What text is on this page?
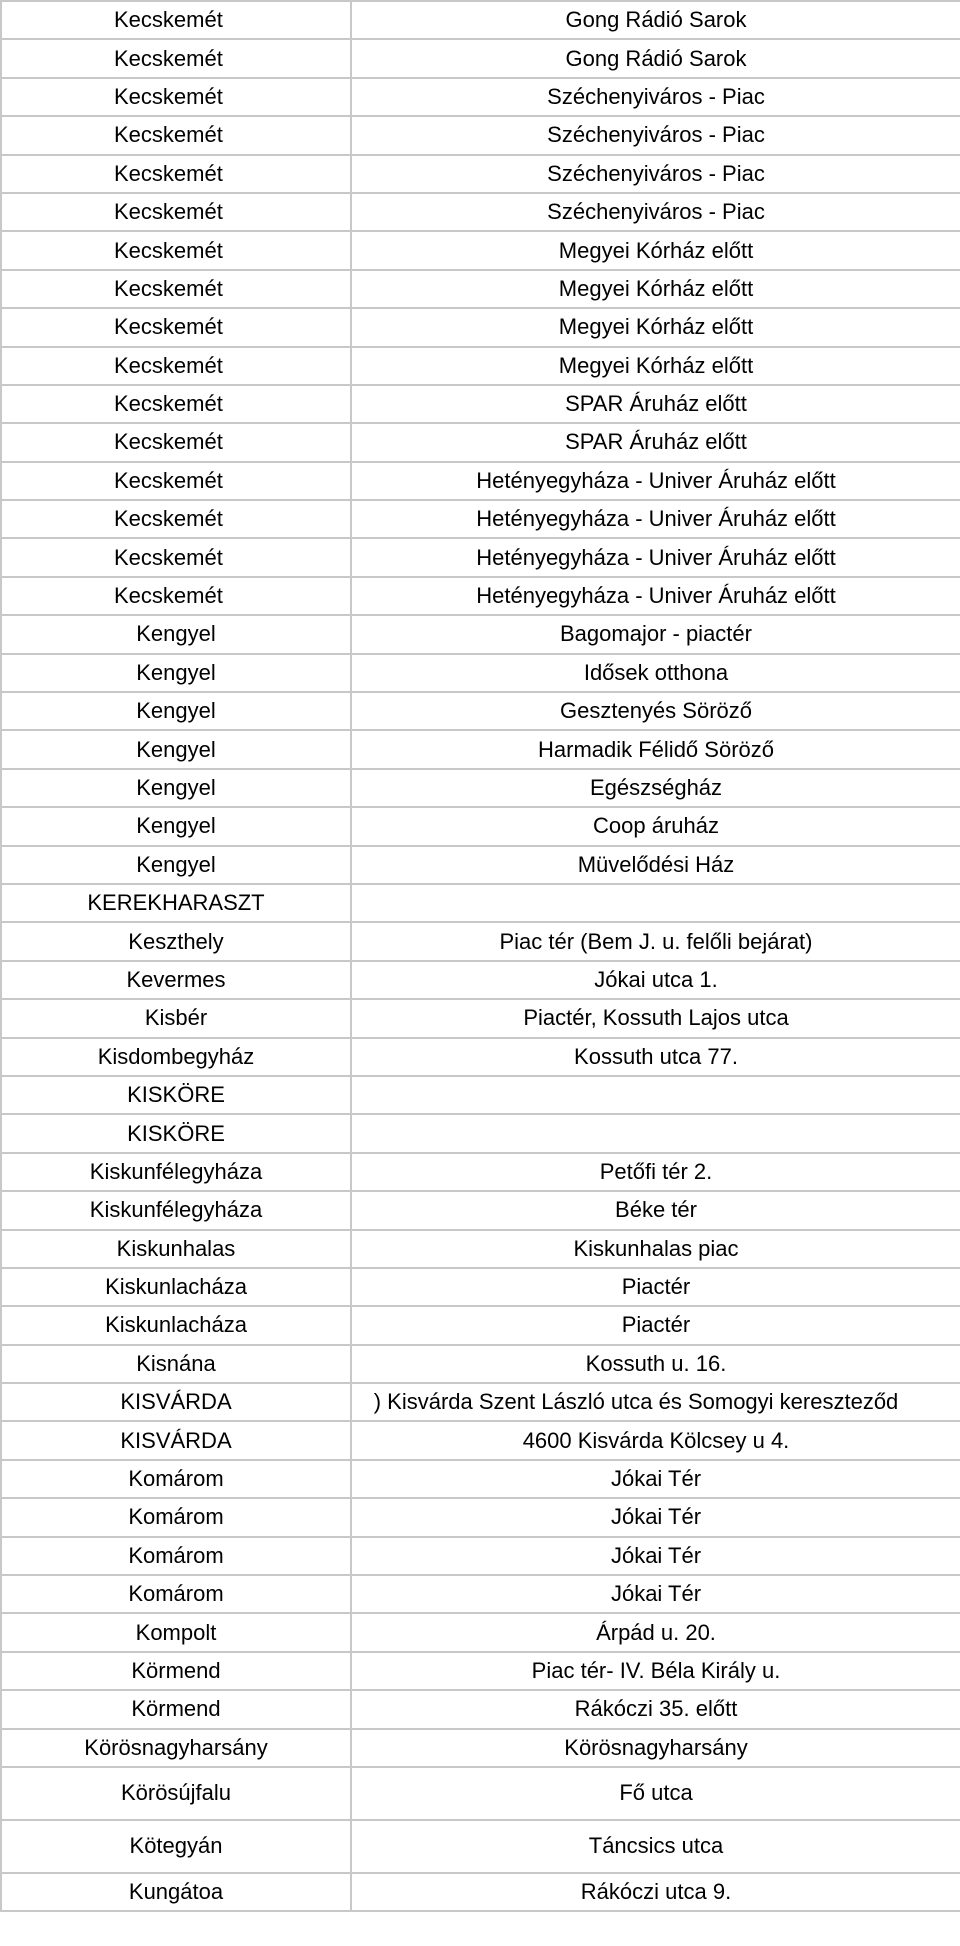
Kecskemét	Gong Rádió Sarok
Kecskemét	Gong Rádió Sarok
Kecskemét	Széchenyiváros - Piac
Kecskemét	Széchenyiváros - Piac
Kecskemét	Széchenyiváros - Piac
Kecskemét	Széchenyiváros - Piac
Kecskemét	Megyei Kórház előtt
Kecskemét	Megyei Kórház előtt
Kecskemét	Megyei Kórház előtt
Kecskemét	Megyei Kórház előtt
Kecskemét	SPAR Áruház előtt
Kecskemét	SPAR Áruház előtt
Kecskemét	Hetényegyháza - Univer Áruház előtt
Kecskemét	Hetényegyháza - Univer Áruház előtt
Kecskemét	Hetényegyháza - Univer Áruház előtt
Kecskemét	Hetényegyháza - Univer Áruház előtt
Kengyel	Bagomajor - piactér
Kengyel	Idősek otthona
Kengyel	Gesztenyés Söröző
Kengyel	Harmadik Félidő Söröző
Kengyel	Egészségház
Kengyel	Coop áruház
Kengyel	Müvelődési Ház
KEREKHARASZT	
Keszthely	Piac tér (Bem J. u. felőli bejárat)
Kevermes	Jókai utca 1.
Kisbér	Piactér, Kossuth Lajos utca
Kisdombegyház	Kossuth utca 77.
KISKÖRE	
KISKÖRE	
Kiskunfélegyháza	Petőfi tér 2.
Kiskunfélegyháza	Béke tér
Kiskunhalas	Kiskunhalas piac
Kiskunlacháza	Piactér
Kiskunlacháza	Piactér
Kisnána	Kossuth u. 16.
KISVÁRDA	) Kisvárda Szent László utca és Somogyi kereszteződ
KISVÁRDA	4600 Kisvárda Kölcsey u 4.
Komárom	Jókai Tér
Komárom	Jókai Tér
Komárom	Jókai Tér
Komárom	Jókai Tér
Kompolt	Árpád u. 20.
Körmend	Piac tér- IV. Béla Király u.
Körmend	Rákóczi 35. előtt
Körösnagyharsány	Körösnagyharsány
Körösújfalu	Fő utca
Kötegyán	Táncsics utca
Kungátoa	Rákóczi utca 9.
